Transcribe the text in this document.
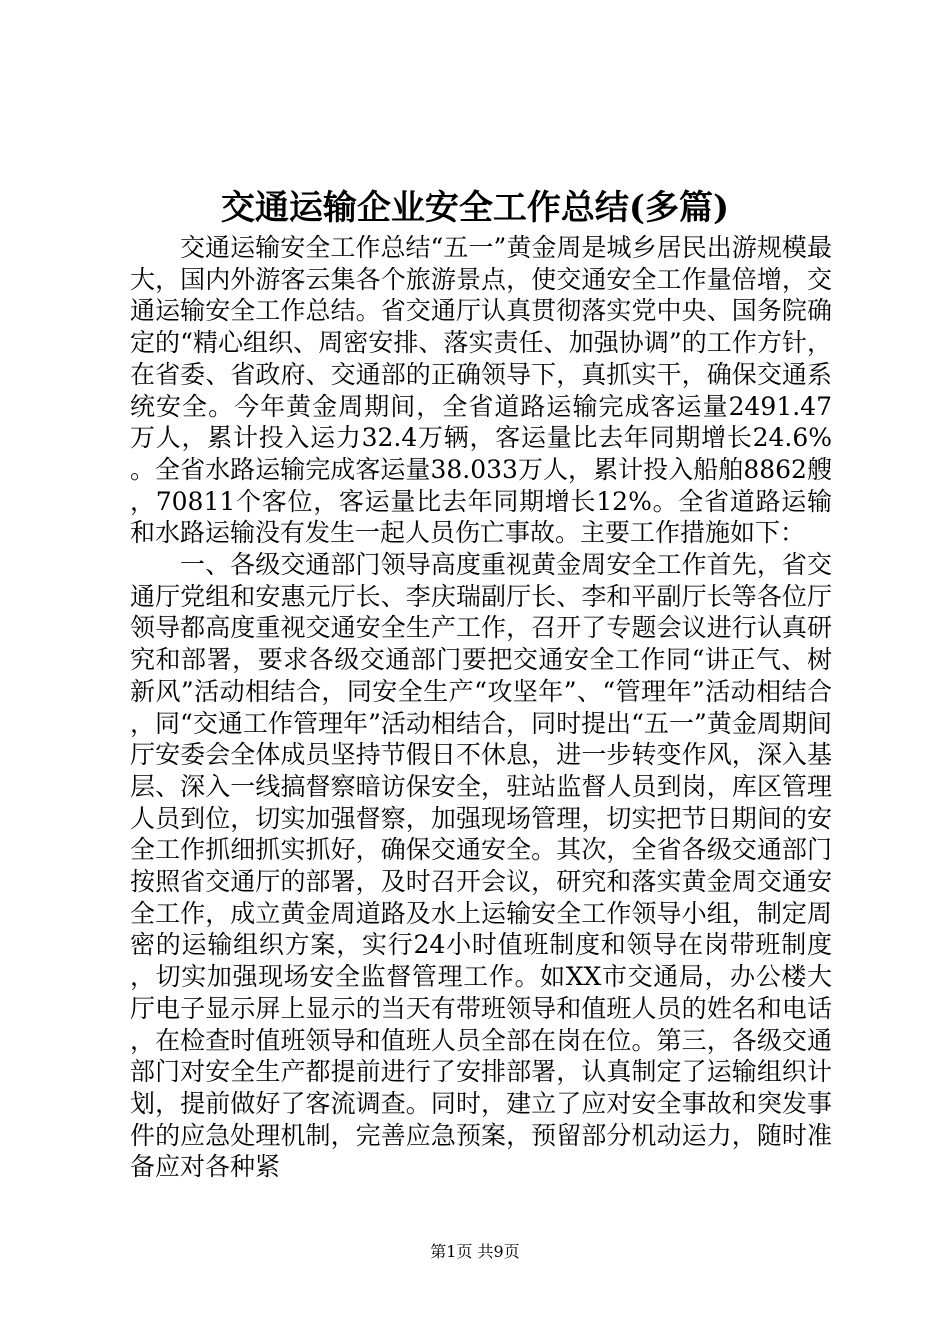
交通运输企业安全工作总结(多篇)

交通运输安全工作总结“五一”黄金周是城乡居民出游规模最大，国内外游客云集各个旅游景点，使交通安全工作量倍增，交通运输安全工作总结。省交通厅认真贯彻落实党中央、国务院确定的“精心组织、周密安排、落实责任、加强协调”的工作方针，在省委、省政府、交通部的正确领导下，真抓实干，确保交通系统安全。今年黄金周期间，全省道路运输完成客运量2491.47万人，累计投入运力32.4万辆，客运量比去年同期增长24.6%。全省水路运输完成客运量38.033万人，累计投入船舶8862艘，70811个客位，客运量比去年同期增长12%。全省道路运输和水路运输没有发生一起人员伤亡事故。主要工作措施如下：

一、各级交通部门领导高度重视黄金周安全工作首先，省交通厅党组和安惠元厅长、李庆瑞副厅长、李和平副厅长等各位厅领导都高度重视交通安全生产工作，召开了专题会议进行认真研究和部署，要求各级交通部门要把交通安全工作同“讲正气、树新风”活动相结合，同安全生产“攻坚年”、“管理年”活动相结合，同“交通工作管理年”活动相结合，同时提出“五一”黄金周期间厅安委会全体成员坚持节假日不休息，进一步转变作风，深入基层、深入一线搞督察暗访保安全，驻站监督人员到岗，库区管理人员到位，切实加强督察，加强现场管理，切实把节日期间的安全工作抓细抓实抓好，确保交通安全。其次，全省各级交通部门按照省交通厅的部署，及时召开会议，研究和落实黄金周交通安全工作，成立黄金周道路及水上运输安全工作领导小组，制定周密的运输组织方案，实行24小时值班制度和领导在岗带班制度，切实加强现场安全监督管理工作。如XX市交通局，办公楼大厅电子显示屏上显示的当天有带班领导和值班人员的姓名和电话，在检查时值班领导和值班人员全部在岗在位。第三，各级交通部门对安全生产都提前进行了安排部署，认真制定了运输组织计划，提前做好了客流调查。同时，建立了应对安全事故和突发事件的应急处理机制，完善应急预案，预留部分机动运力，随时准备应对各种紧

第1页 共9页
